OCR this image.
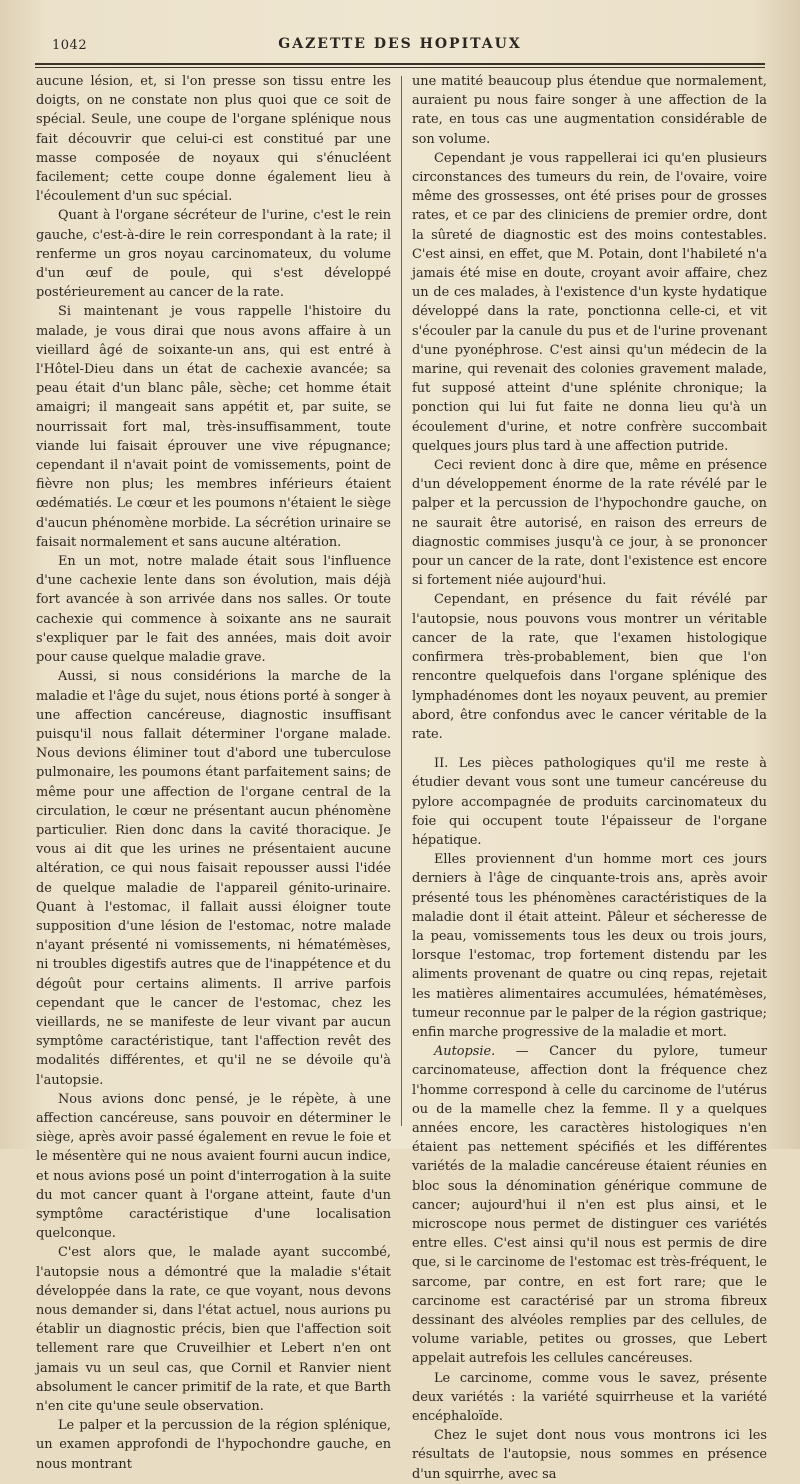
1042	GAZETTE DES HOPITAUX

aucune lésion, et, si l'on presse son tissu entre les doigts, on ne constate non plus quoi que ce soit de spécial. Seule, une coupe de l'organe splénique nous fait découvrir que celui-ci est constitué par une masse composée de noyaux qui s'énucléent facilement; cette coupe donne également lieu à l'écoulement d'un suc spécial.

Quant à l'organe sécréteur de l'urine, c'est le rein gauche, c'est-à-dire le rein correspondant à la rate; il renferme un gros noyau carcinomateux, du volume d'un œuf de poule, qui s'est développé postérieurement au cancer de la rate.

Si maintenant je vous rappelle l'histoire du malade, je vous dirai que nous avons affaire à un vieillard âgé de soixante-un ans, qui est entré à l'Hôtel-Dieu dans un état de cachexie avancée; sa peau était d'un blanc pâle, sèche; cet homme était amaigri; il mangeait sans appétit et, par suite, se nourrissait fort mal, très-insuffisamment, toute viande lui faisait éprouver une vive répugnance; cependant il n'avait point de vomissements, point de fièvre non plus; les membres inférieurs étaient œdématiés. Le cœur et les poumons n'étaient le siège d'aucun phénomène morbide. La sécrétion urinaire se faisait normalement et sans aucune altération.

En un mot, notre malade était sous l'influence d'une cachexie lente dans son évolution, mais déjà fort avancée à son arrivée dans nos salles. Or toute cachexie qui commence à soixante ans ne saurait s'expliquer par le fait des années, mais doit avoir pour cause quelque maladie grave.

Aussi, si nous considérions la marche de la maladie et l'âge du sujet, nous étions porté à songer à une affection cancéreuse, diagnostic insuffisant puisqu'il nous fallait déterminer l'organe malade. Nous devions éliminer tout d'abord une tuberculose pulmonaire, les poumons étant parfaitement sains; de même pour une affection de l'organe central de la circulation, le cœur ne présentant aucun phénomène particulier. Rien donc dans la cavité thoracique. Je vous ai dit que les urines ne présentaient aucune altération, ce qui nous faisait repousser aussi l'idée de quelque maladie de l'appareil génito-urinaire. Quant à l'estomac, il fallait aussi éloigner toute supposition d'une lésion de l'estomac, notre malade n'ayant présenté ni vomissements, ni hématémèses, ni troubles digestifs autres que de l'inappétence et du dégoût pour certains aliments. Il arrive parfois cependant que le cancer de l'estomac, chez les vieillards, ne se manifeste de leur vivant par aucun symptôme caractéristique, tant l'affection revêt des modalités différentes, et qu'il ne se dévoile qu'à l'autopsie.

Nous avions donc pensé, je le répète, à une affection cancéreuse, sans pouvoir en déterminer le siège, après avoir passé également en revue le foie et le mésentère qui ne nous avaient fourni aucun indice, et nous avions posé un point d'interrogation à la suite du mot cancer quant à l'organe atteint, faute d'un symptôme caractéristique d'une localisation quelconque.

C'est alors que, le malade ayant succombé, l'autopsie nous a démontré que la maladie s'était développée dans la rate, ce que voyant, nous devons nous demander si, dans l'état actuel, nous aurions pu établir un diagnostic précis, bien que l'affection soit tellement rare que Cruveilhier et Lebert n'en ont jamais vu un seul cas, que Cornil et Ranvier nient absolument le cancer primitif de la rate, et que Barth n'en cite qu'une seule observation.

Le palper et la percussion de la région splénique, un examen approfondi de l'hypochondre gauche, en nous montrant

une matité beaucoup plus étendue que normalement, auraient pu nous faire songer à une affection de la rate, en tous cas une augmentation considérable de son volume.

Cependant je vous rappellerai ici qu'en plusieurs circonstances des tumeurs du rein, de l'ovaire, voire même des grossesses, ont été prises pour de grosses rates, et ce par des cliniciens de premier ordre, dont la sûreté de diagnostic est des moins contestables. C'est ainsi, en effet, que M. Potain, dont l'habileté n'a jamais été mise en doute, croyant avoir affaire, chez un de ces malades, à l'existence d'un kyste hydatique développé dans la rate, ponctionna celle-ci, et vit s'écouler par la canule du pus et de l'urine provenant d'une pyonéphrose. C'est ainsi qu'un médecin de la marine, qui revenait des colonies gravement malade, fut supposé atteint d'une splénite chronique; la ponction qui lui fut faite ne donna lieu qu'à un écoulement d'urine, et notre confrère succombait quelques jours plus tard à une affection putride.

Ceci revient donc à dire que, même en présence d'un développement énorme de la rate révélé par le palper et la percussion de l'hypochondre gauche, on ne saurait être autorisé, en raison des erreurs de diagnostic commises jusqu'à ce jour, à se prononcer pour un cancer de la rate, dont l'existence est encore si fortement niée aujourd'hui.

Cependant, en présence du fait révélé par l'autopsie, nous pouvons vous montrer un véritable cancer de la rate, que l'examen histologique confirmera très-probablement, bien que l'on rencontre quelquefois dans l'organe splénique des lymphadénomes dont les noyaux peuvent, au premier abord, être confondus avec le cancer véritable de la rate.

II. Les pièces pathologiques qu'il me reste à étudier devant vous sont une tumeur cancéreuse du pylore accompagnée de produits carcinomateux du foie qui occupent toute l'épaisseur de l'organe hépatique.

Elles proviennent d'un homme mort ces jours derniers à l'âge de cinquante-trois ans, après avoir présenté tous les phénomènes caractéristiques de la maladie dont il était atteint. Pâleur et sécheresse de la peau, vomissements tous les deux ou trois jours, lorsque l'estomac, trop fortement distendu par les aliments provenant de quatre ou cinq repas, rejetait les matières alimentaires accumulées, hématémèses, tumeur reconnue par le palper de la région gastrique; enfin marche progressive de la maladie et mort.

Autopsie. — Cancer du pylore, tumeur carcinomateuse, affection dont la fréquence chez l'homme correspond à celle du carcinome de l'utérus ou de la mamelle chez la femme. Il y a quelques années encore, les caractères histologiques n'en étaient pas nettement spécifiés et les différentes variétés de la maladie cancéreuse étaient réunies en bloc sous la dénomination générique commune de cancer; aujourd'hui il n'en est plus ainsi, et le microscope nous permet de distinguer ces variétés entre elles. C'est ainsi qu'il nous est permis de dire que, si le carcinome de l'estomac est très-fréquent, le sarcome, par contre, en est fort rare; que le carcinome est caractérisé par un stroma fibreux dessinant des alvéoles remplies par des cellules, de volume variable, petites ou grosses, que Lebert appelait autrefois les cellules cancéreuses.

Le carcinome, comme vous le savez, présente deux variétés : la variété squirrheuse et la variété encéphaloïde.

Chez le sujet dont nous vous montrons ici les résultats de l'autopsie, nous sommes en présence d'un squirrhe, avec sa
